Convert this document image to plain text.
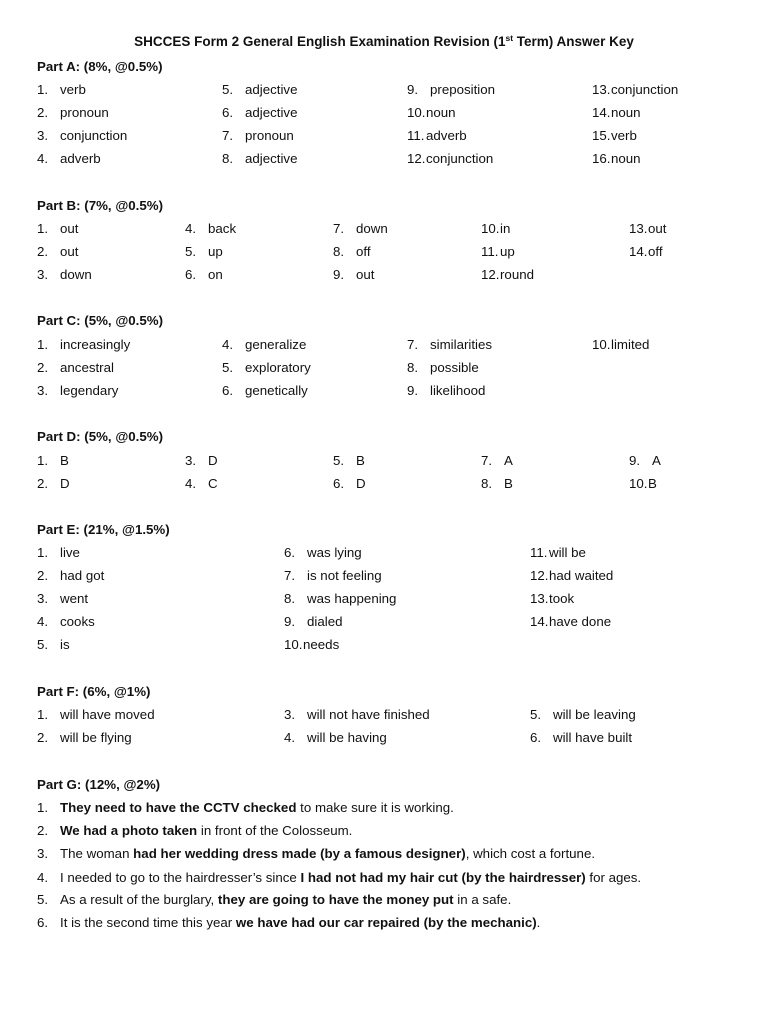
SHCCES Form 2 General English Examination Revision (1st Term) Answer Key
Part A: (8%, @0.5%)
1. verb
2. pronoun
3. conjunction
4. adverb
5. adjective
6. adjective
7. pronoun
8. adjective
9. preposition
10.noun
11. adverb
12.conjunction
13.conjunction
14.noun
15.verb
16.noun
Part B: (7%, @0.5%)
1. out
2. out
3. down
4. back
5. up
6. on
7. down
8. off
9. out
10.in
11. up
12.round
13.out
14.off
Part C: (5%, @0.5%)
1. increasingly
2. ancestral
3. legendary
4. generalize
5. exploratory
6. genetically
7. similarities
8. possible
9. likelihood
10.limited
Part D: (5%, @0.5%)
1. B
2. D
3. D
4. C
5. B
6. D
7. A
8. B
9. A
10.B
Part E: (21%, @1.5%)
1. live
2. had got
3. went
4. cooks
5. is
6. was lying
7. is not feeling
8. was happening
9. dialed
10.needs
11. will be
12.had waited
13.took
14.have done
Part F: (6%, @1%)
1. will have moved
2. will be flying
3. will not have finished
4. will be having
5. will be leaving
6. will have built
Part G: (12%, @2%)
1. They need to have the CCTV checked to make sure it is working.
2. We had a photo taken in front of the Colosseum.
3. The woman had her wedding dress made (by a famous designer), which cost a fortune.
4. I needed to go to the hairdresser’s since I had not had my hair cut (by the hairdresser) for ages.
5. As a result of the burglary, they are going to have the money put in a safe.
6. It is the second time this year we have had our car repaired (by the mechanic).
